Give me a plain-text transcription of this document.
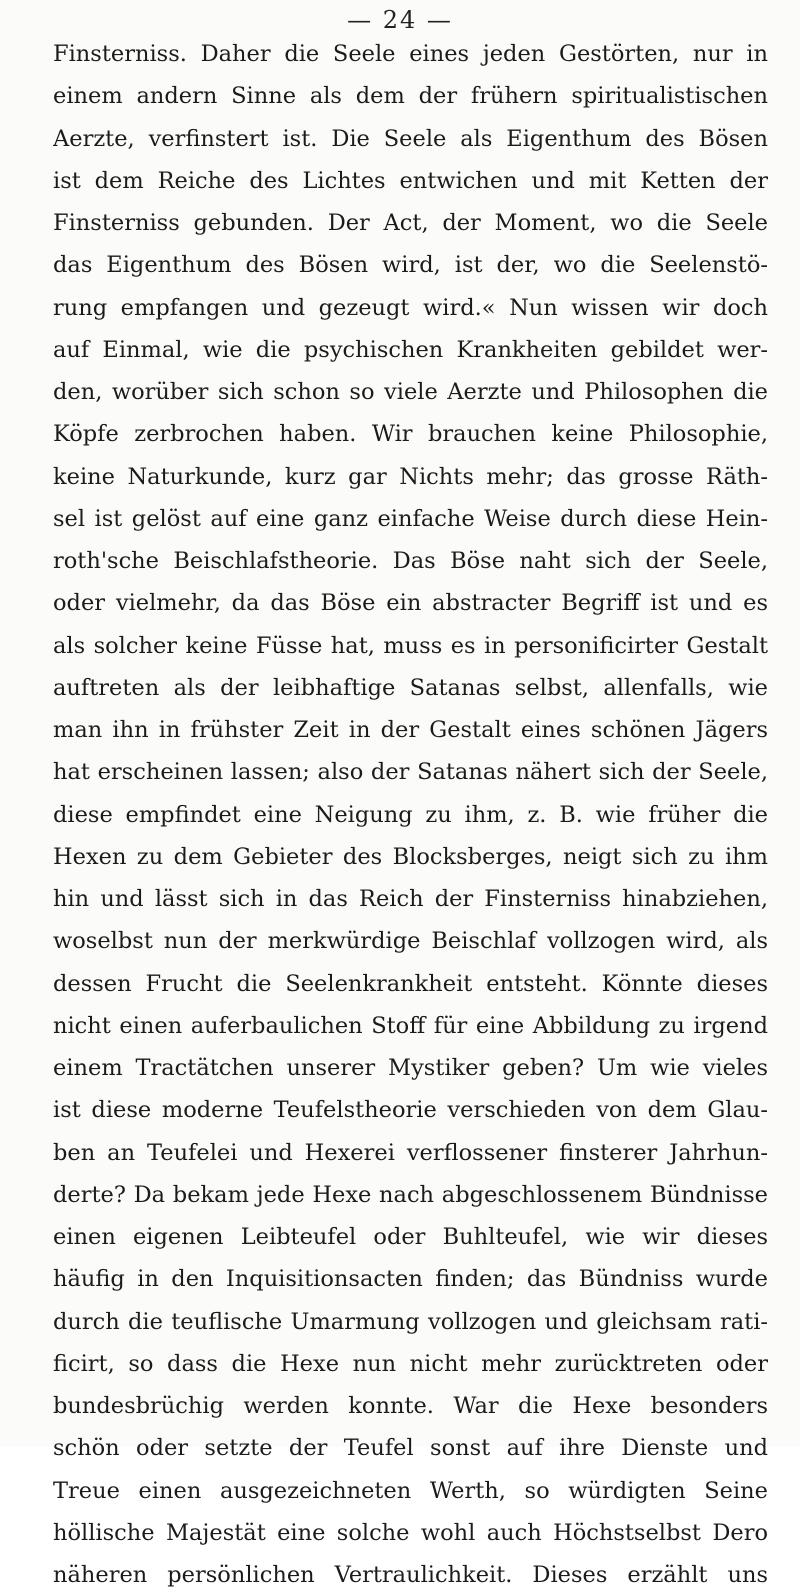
— 24 —
Finsterniss. Daher die Seele eines jeden Gestörten, nur in
einem andern Sinne als dem der frühern spiritualistischen
Aerzte, verfinstert ist. Die Seele als Eigenthum des Bösen
ist dem Reiche des Lichtes entwichen und mit Ketten der
Finsterniss gebunden. Der Act, der Moment, wo die Seele
das Eigenthum des Bösen wird, ist der, wo die Seelenstö-
rung empfangen und gezeugt wird.« Nun wissen wir doch
auf Einmal, wie die psychischen Krankheiten gebildet wer-
den, worüber sich schon so viele Aerzte und Philosophen die
Köpfe zerbrochen haben. Wir brauchen keine Philosophie,
keine Naturkunde, kurz gar Nichts mehr; das grosse Räth-
sel ist gelöst auf eine ganz einfache Weise durch diese Hein-
roth'sche Beischlafstheorie. Das Böse naht sich der Seele,
oder vielmehr, da das Böse ein abstracter Begriff ist und es
als solcher keine Füsse hat, muss es in personificirter Gestalt
auftreten als der leibhaftige Satanas selbst, allenfalls, wie
man ihn in frühster Zeit in der Gestalt eines schönen Jägers
hat erscheinen lassen; also der Satanas nähert sich der Seele,
diese empfindet eine Neigung zu ihm, z. B. wie früher die
Hexen zu dem Gebieter des Blocksberges, neigt sich zu ihm
hin und lässt sich in das Reich der Finsterniss hinabziehen,
woselbst nun der merkwürdige Beischlaf vollzogen wird, als
dessen Frucht die Seelenkrankheit entsteht. Könnte dieses
nicht einen auferbaulichen Stoff für eine Abbildung zu irgend
einem Tractätchen unserer Mystiker geben? Um wie vieles
ist diese moderne Teufelstheorie verschieden von dem Glau-
ben an Teufelei und Hexerei verflossener finsterer Jahrhun-
derte? Da bekam jede Hexe nach abgeschlossenem Bündnisse
einen eigenen Leibteufel oder Buhlteufel, wie wir dieses
häufig in den Inquisitionsacten finden; das Bündniss wurde
durch die teuflische Umarmung vollzogen und gleichsam rati-
ficirt, so dass die Hexe nun nicht mehr zurücktreten oder
bundesbrüchig werden konnte. War die Hexe besonders
schön oder setzte der Teufel sonst auf ihre Dienste und
Treue einen ausgezeichneten Werth, so würdigten Seine
höllische Majestät eine solche wohl auch Höchstselbst Dero
näheren persönlichen Vertraulichkeit. Dieses erzählt uns
